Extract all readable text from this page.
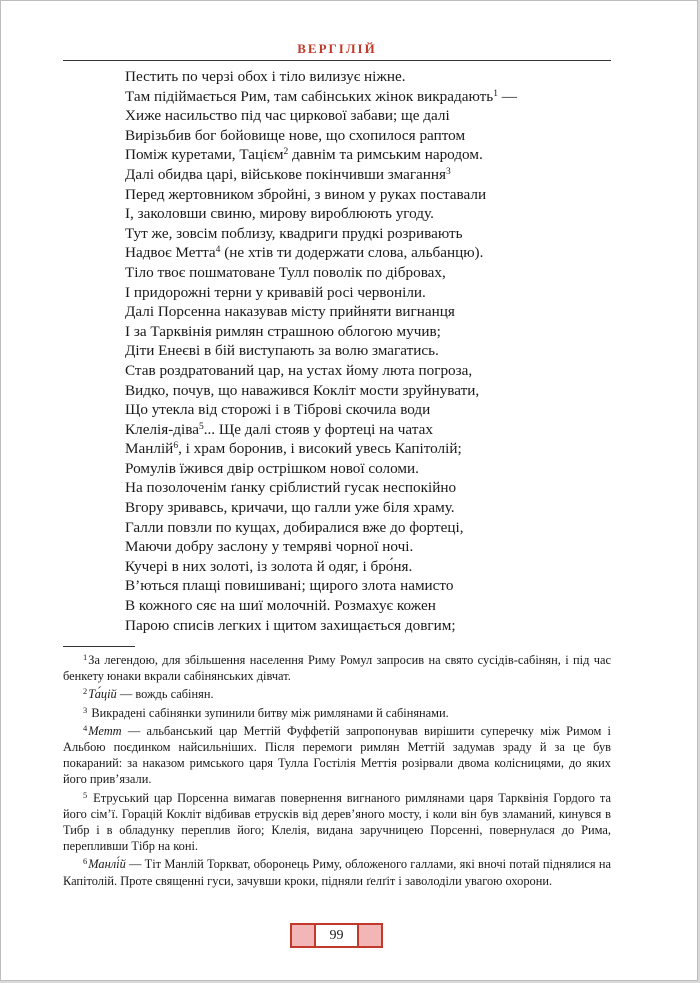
ВЕРГІЛІЙ
Пестить по черзі обох і тіло вилизує ніжне.
Там підіймається Рим, там сабінських жінок викрадають$^1$ —
Хиже насильство під час циркової забави; ще далі
Вирізьбив бог бойовище нове, що схопилося раптом
Поміж куретами, Тацієм$^2$ давнім та римським народом.
Далі обидва царі, військове покінчивши змагання$^3$
Перед жертовником збройні, з вином у руках поставали
І, заколовши свиню, мирову вироблюють угоду.
Тут же, зовсім поблизу, квадриги прудкі розривають
Надвоє Метта$^4$ (не хтів ти додержати слова, альбанцю).
Тіло твоє пошматоване Тулл поволік по дібровах,
І придорожні терни у кривавій росі червоніли.
Далі Порсенна наказував місту прийняти вигнанця
І за Тарквінія римлян страшною облогою мучив;
Діти Енеєві в бій виступають за волю змагатись.
Став роздратований цар, на устах йому люта погроза,
Видко, почув, що наважився Кокліт мости зруйнувати,
Що утекла від сторожі і в Тіброві скочила води
Клелія-діва$^5$... Ще далі стояв у фортеці на чатах
Манлій$^6$, і храм боронив, і високий увесь Капітолій;
Ромулів їжився двір острішком нової соломи.
На позолоченім ґанку сріблистий гусак неспокійно
Вгору зривавсь, кричачи, що галли уже біля храму.
Галли повзли по кущах, добиралися вже до фортеці,
Маючи добру заслону у темряві чорної ночі.
Кучері в них золоті, із золота й одяг, і бро́ня.
В’ються плащі повишивані; щирого злота намисто
В кожного сяє на шиї молочній. Розмахує кожен
Парою списів легких і щитом захищається довгим;

$^1$За легендою, для збільшення населення Риму Ромул запросив на свято сусідів-сабінян, і під час бенкету юнаки вкрали сабінянських дівчат.

$^2$Та́цій — вождь сабінян.

$^3$ Викрадені сабінянки зупинили битву між римлянами й сабінянами.

$^4$Метт — альбанський цар Меттій Фуффетій запропонував вирішити суперечку між Римом і Альбою поєдинком найсильніших. Після перемоги римлян Меттій задумав зраду й за це був покараний: за наказом римського царя Тулла Гостілія Меттія розірвали двома колісницями, до яких його прив’язали.

$^5$ Етруський цар Порсенна вимагав повернення вигнаного римлянами царя Тарквінія Гордого та його сім’ї. Горацій Кокліт відбивав етрусків від дерев’яного мосту, і коли він був зламаний, кинувся в Тибр і в обладунку переплив його; Клелія, видана заручницею Порсенні, повернулася до Рима, перепливши Тібр на коні.

$^6$Манлі́й — Тіт Манлій Торкват, оборонець Риму, обложеного галлами, які вночі потай піднялися на Капітолій. Проте священні гуси, зачувши кроки, підняли ґелґіт і заволоділи увагою охорони.

99
